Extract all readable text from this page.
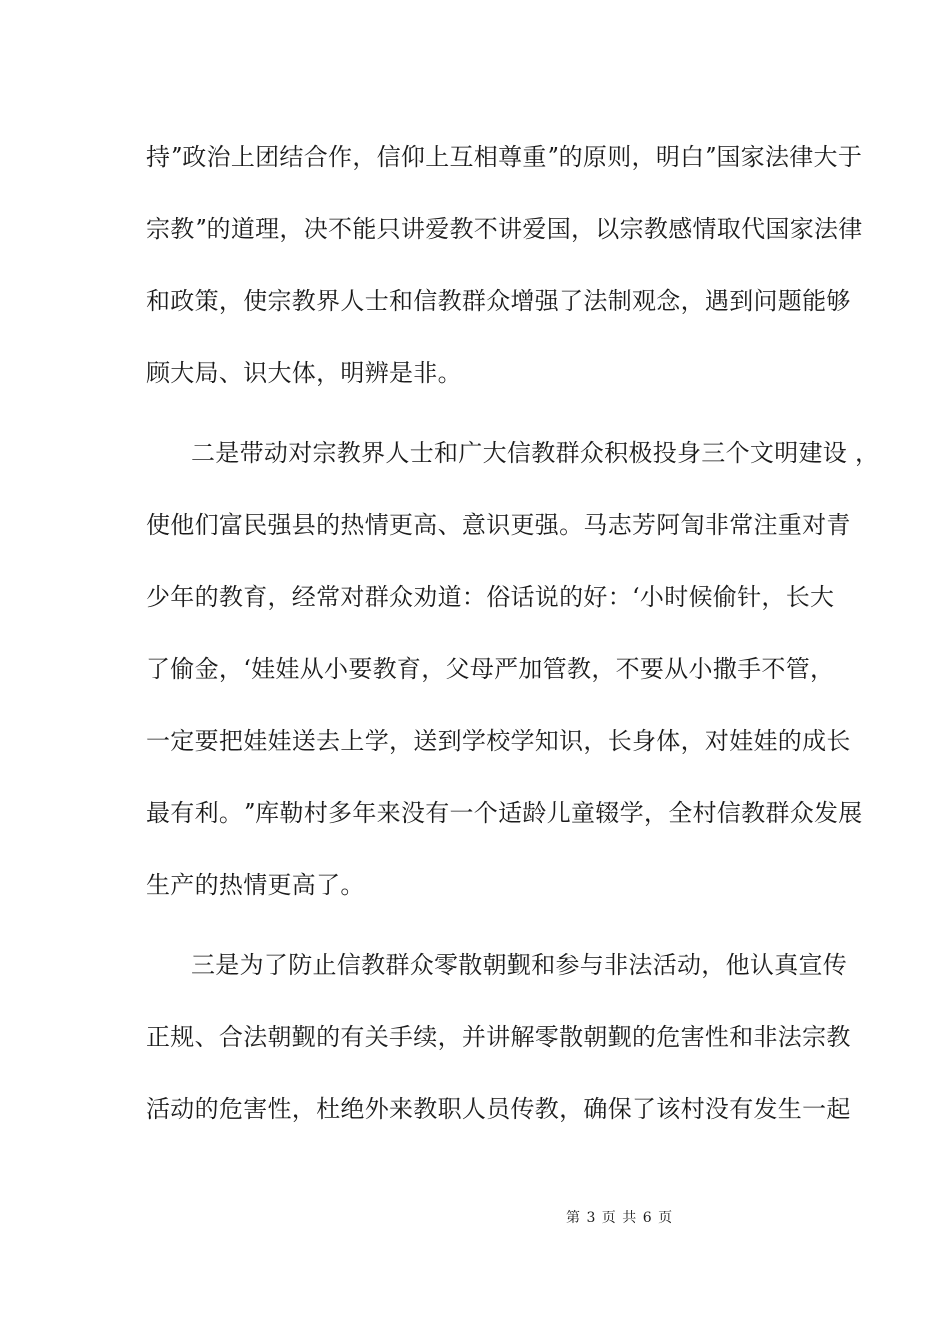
持ˮ政治上团结合作，信仰上互相尊重ˮ的原则，明白ˮ国家法律大于
宗教ˮ的道理，决不能只讲爱教不讲爱国，以宗教感情取代国家法律
和政策，使宗教界人士和信教群众增强了法制观念，遇到问题能够
顾大局、识大体，明辨是非。
二是带动对宗教界人士和广大信教群众积极投身三个文明建设 ，
使他们富民强县的热情更高、意识更强。马志芳阿訇非常注重对青
少年的教育，经常对群众劝道：俗话说的好：‘小时候偷针，长大
了偷金，‘娃娃从小要教育，父母严加管教，不要从小撒手不管，
一定要把娃娃送去上学，送到学校学知识，长身体，对娃娃的成长
最有利。ˮ库勒村多年来没有一个适龄儿童辍学，全村信教群众发展
生产的热情更高了。
三是为了防止信教群众零散朝觐和参与非法活动，他认真宣传
正规、合法朝觐的有关手续，并讲解零散朝觐的危害性和非法宗教
活动的危害性，杜绝外来教职人员传教，确保了该村没有发生一起
第 3 页 共 6 页
